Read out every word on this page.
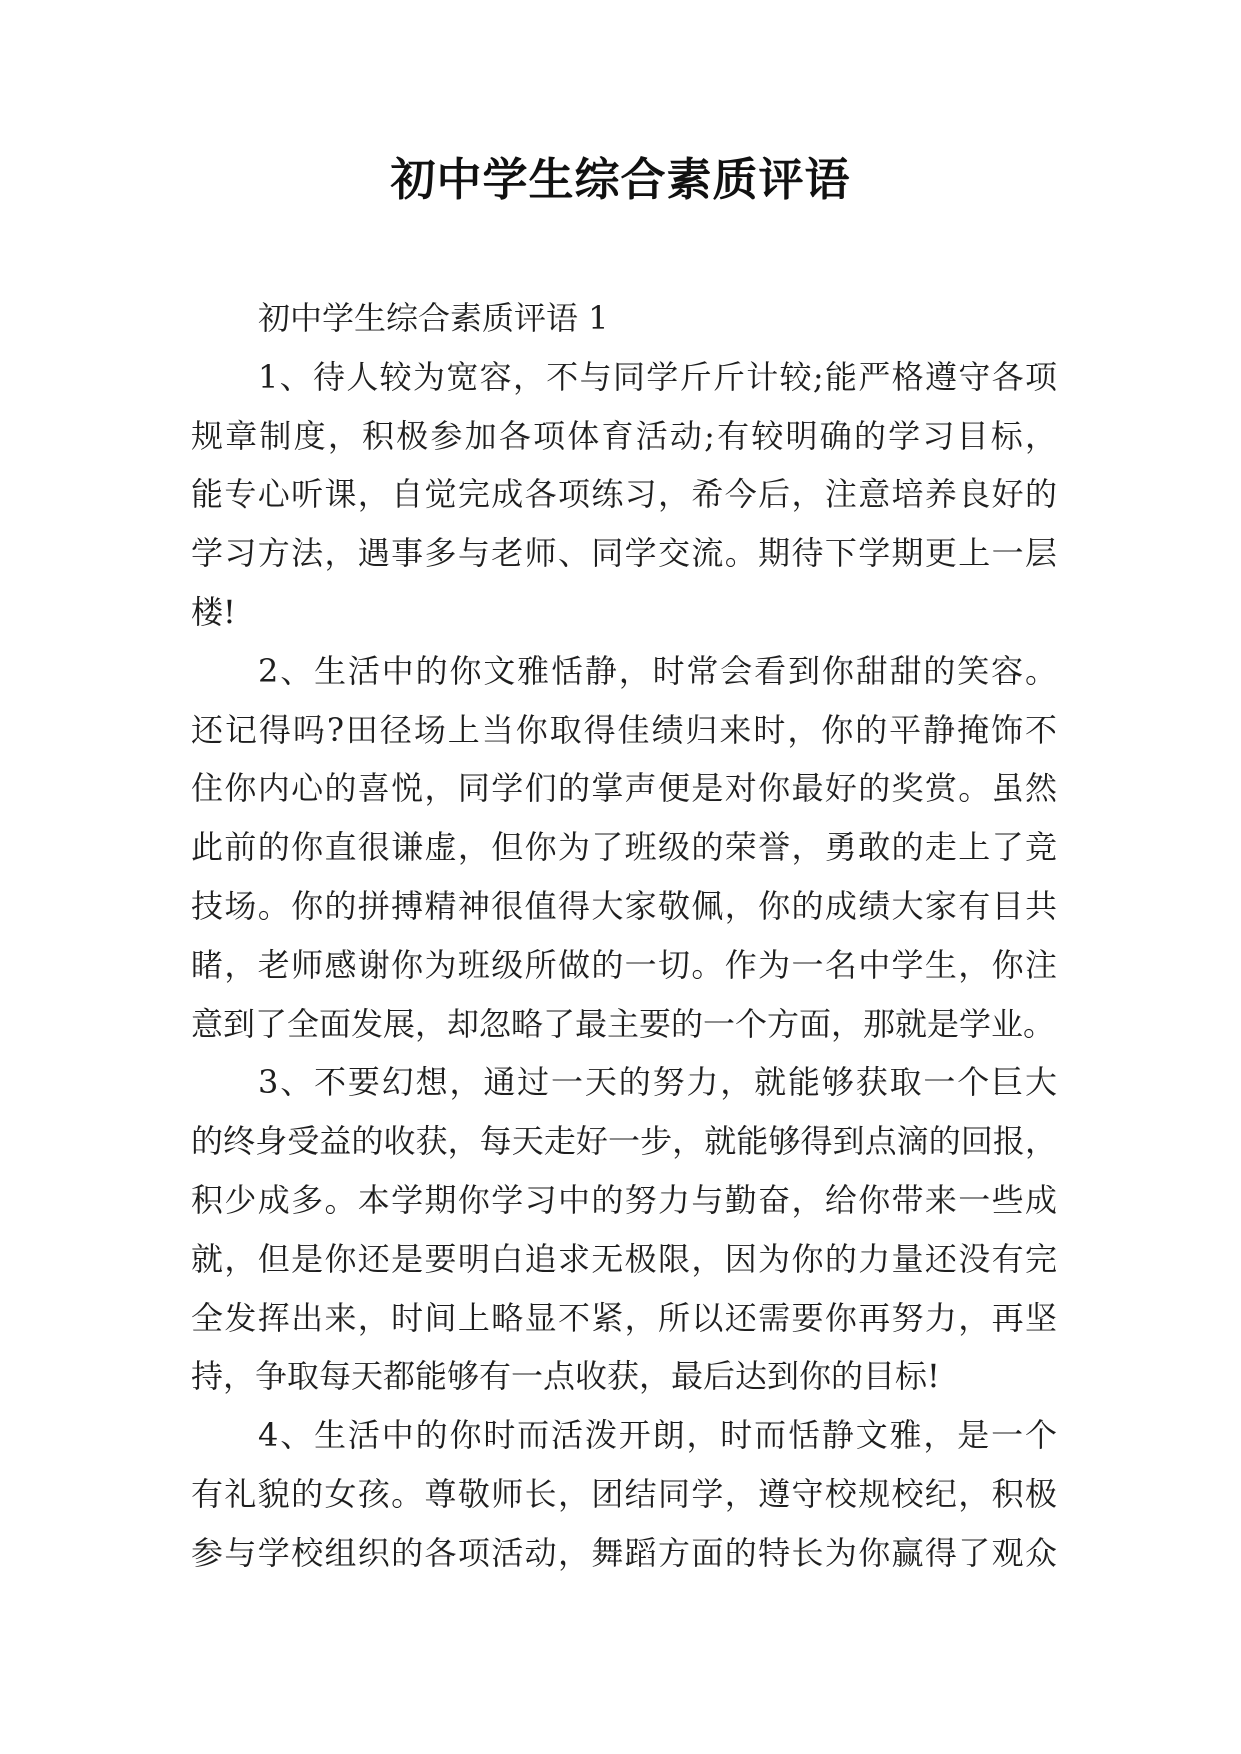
初中学生综合素质评语
初中学生综合素质评语 1
1、待人较为宽容，不与同学斤斤计较;能严格遵守各项
规章制度，积极参加各项体育活动;有较明确的学习目标，
能专心听课，自觉完成各项练习，希今后，注意培养良好的
学习方法，遇事多与老师、同学交流。期待下学期更上一层
楼!
2、生活中的你文雅恬静，时常会看到你甜甜的笑容。
还记得吗?田径场上当你取得佳绩归来时，你的平静掩饰不
住你内心的喜悦，同学们的掌声便是对你最好的奖赏。虽然
此前的你直很谦虚，但你为了班级的荣誉，勇敢的走上了竞
技场。你的拼搏精神很值得大家敬佩，你的成绩大家有目共
睹，老师感谢你为班级所做的一切。作为一名中学生，你注
意到了全面发展，却忽略了最主要的一个方面，那就是学业。
3、不要幻想，通过一天的努力，就能够获取一个巨大
的终身受益的收获，每天走好一步，就能够得到点滴的回报，
积少成多。本学期你学习中的努力与勤奋，给你带来一些成
就，但是你还是要明白追求无极限，因为你的力量还没有完
全发挥出来，时间上略显不紧，所以还需要你再努力，再坚
持，争取每天都能够有一点收获，最后达到你的目标!
4、生活中的你时而活泼开朗，时而恬静文雅，是一个
有礼貌的女孩。尊敬师长，团结同学，遵守校规校纪，积极
参与学校组织的各项活动，舞蹈方面的特长为你赢得了观众
